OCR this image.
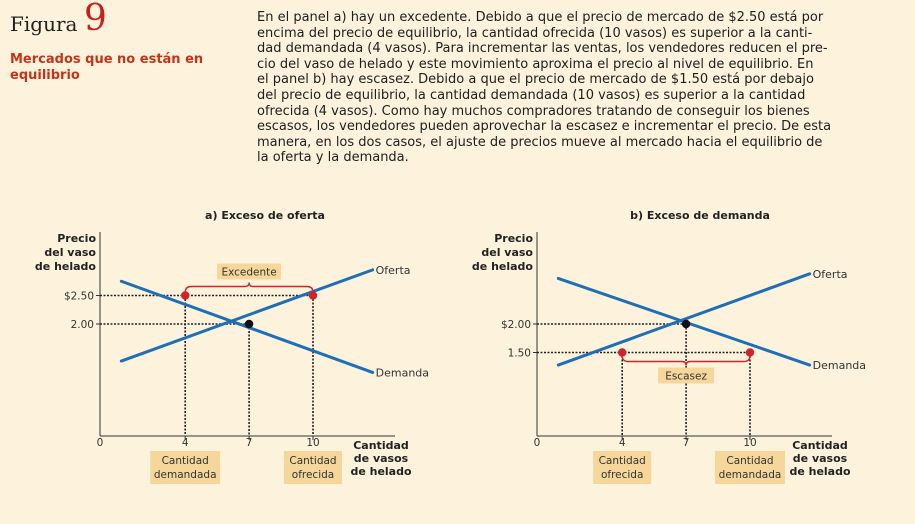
Figura 9
Mercados que no están en
equilibrio
En el panel a) hay un excedente. Debido a que el precio de mercado de $2.50 está por
encima del precio de equilibrio, la cantidad ofrecida (10 vasos) es superior a la canti-
dad demandada (4 vasos). Para incrementar las ventas, los vendedores reducen el pre-
cio del vaso de helado y este movimiento aproxima el precio al nivel de equilibrio. En
el panel b) hay escasez. Debido a que el precio de mercado de $1.50 está por debajo
del precio de equilibrio, la cantidad demandada (10 vasos) es superior a la cantidad
ofrecida (4 vasos). Como hay muchos compradores tratando de conseguir los bienes
escasos, los vendedores pueden aprovechar la escasez e incrementar el precio. De esta
manera, en los dos casos, el ajuste de precios mueve al mercado hacia el equilibrio de
la oferta y la demanda.
a) Exceso de oferta
Precio
del vaso
de helado
Cantidad
de vasos
de helado
0	4	7	10
$2.50
2.00
Oferta
Demanda
Excedente
Cantidad
demandada
Cantidad
ofrecida
b) Exceso de demanda
Precio
del vaso
de helado
Cantidad
de vasos
de helado
0	4	7	10
$2.00
1.50
Oferta
Demanda
Escasez
Cantidad
ofrecida
Cantidad
demandada
